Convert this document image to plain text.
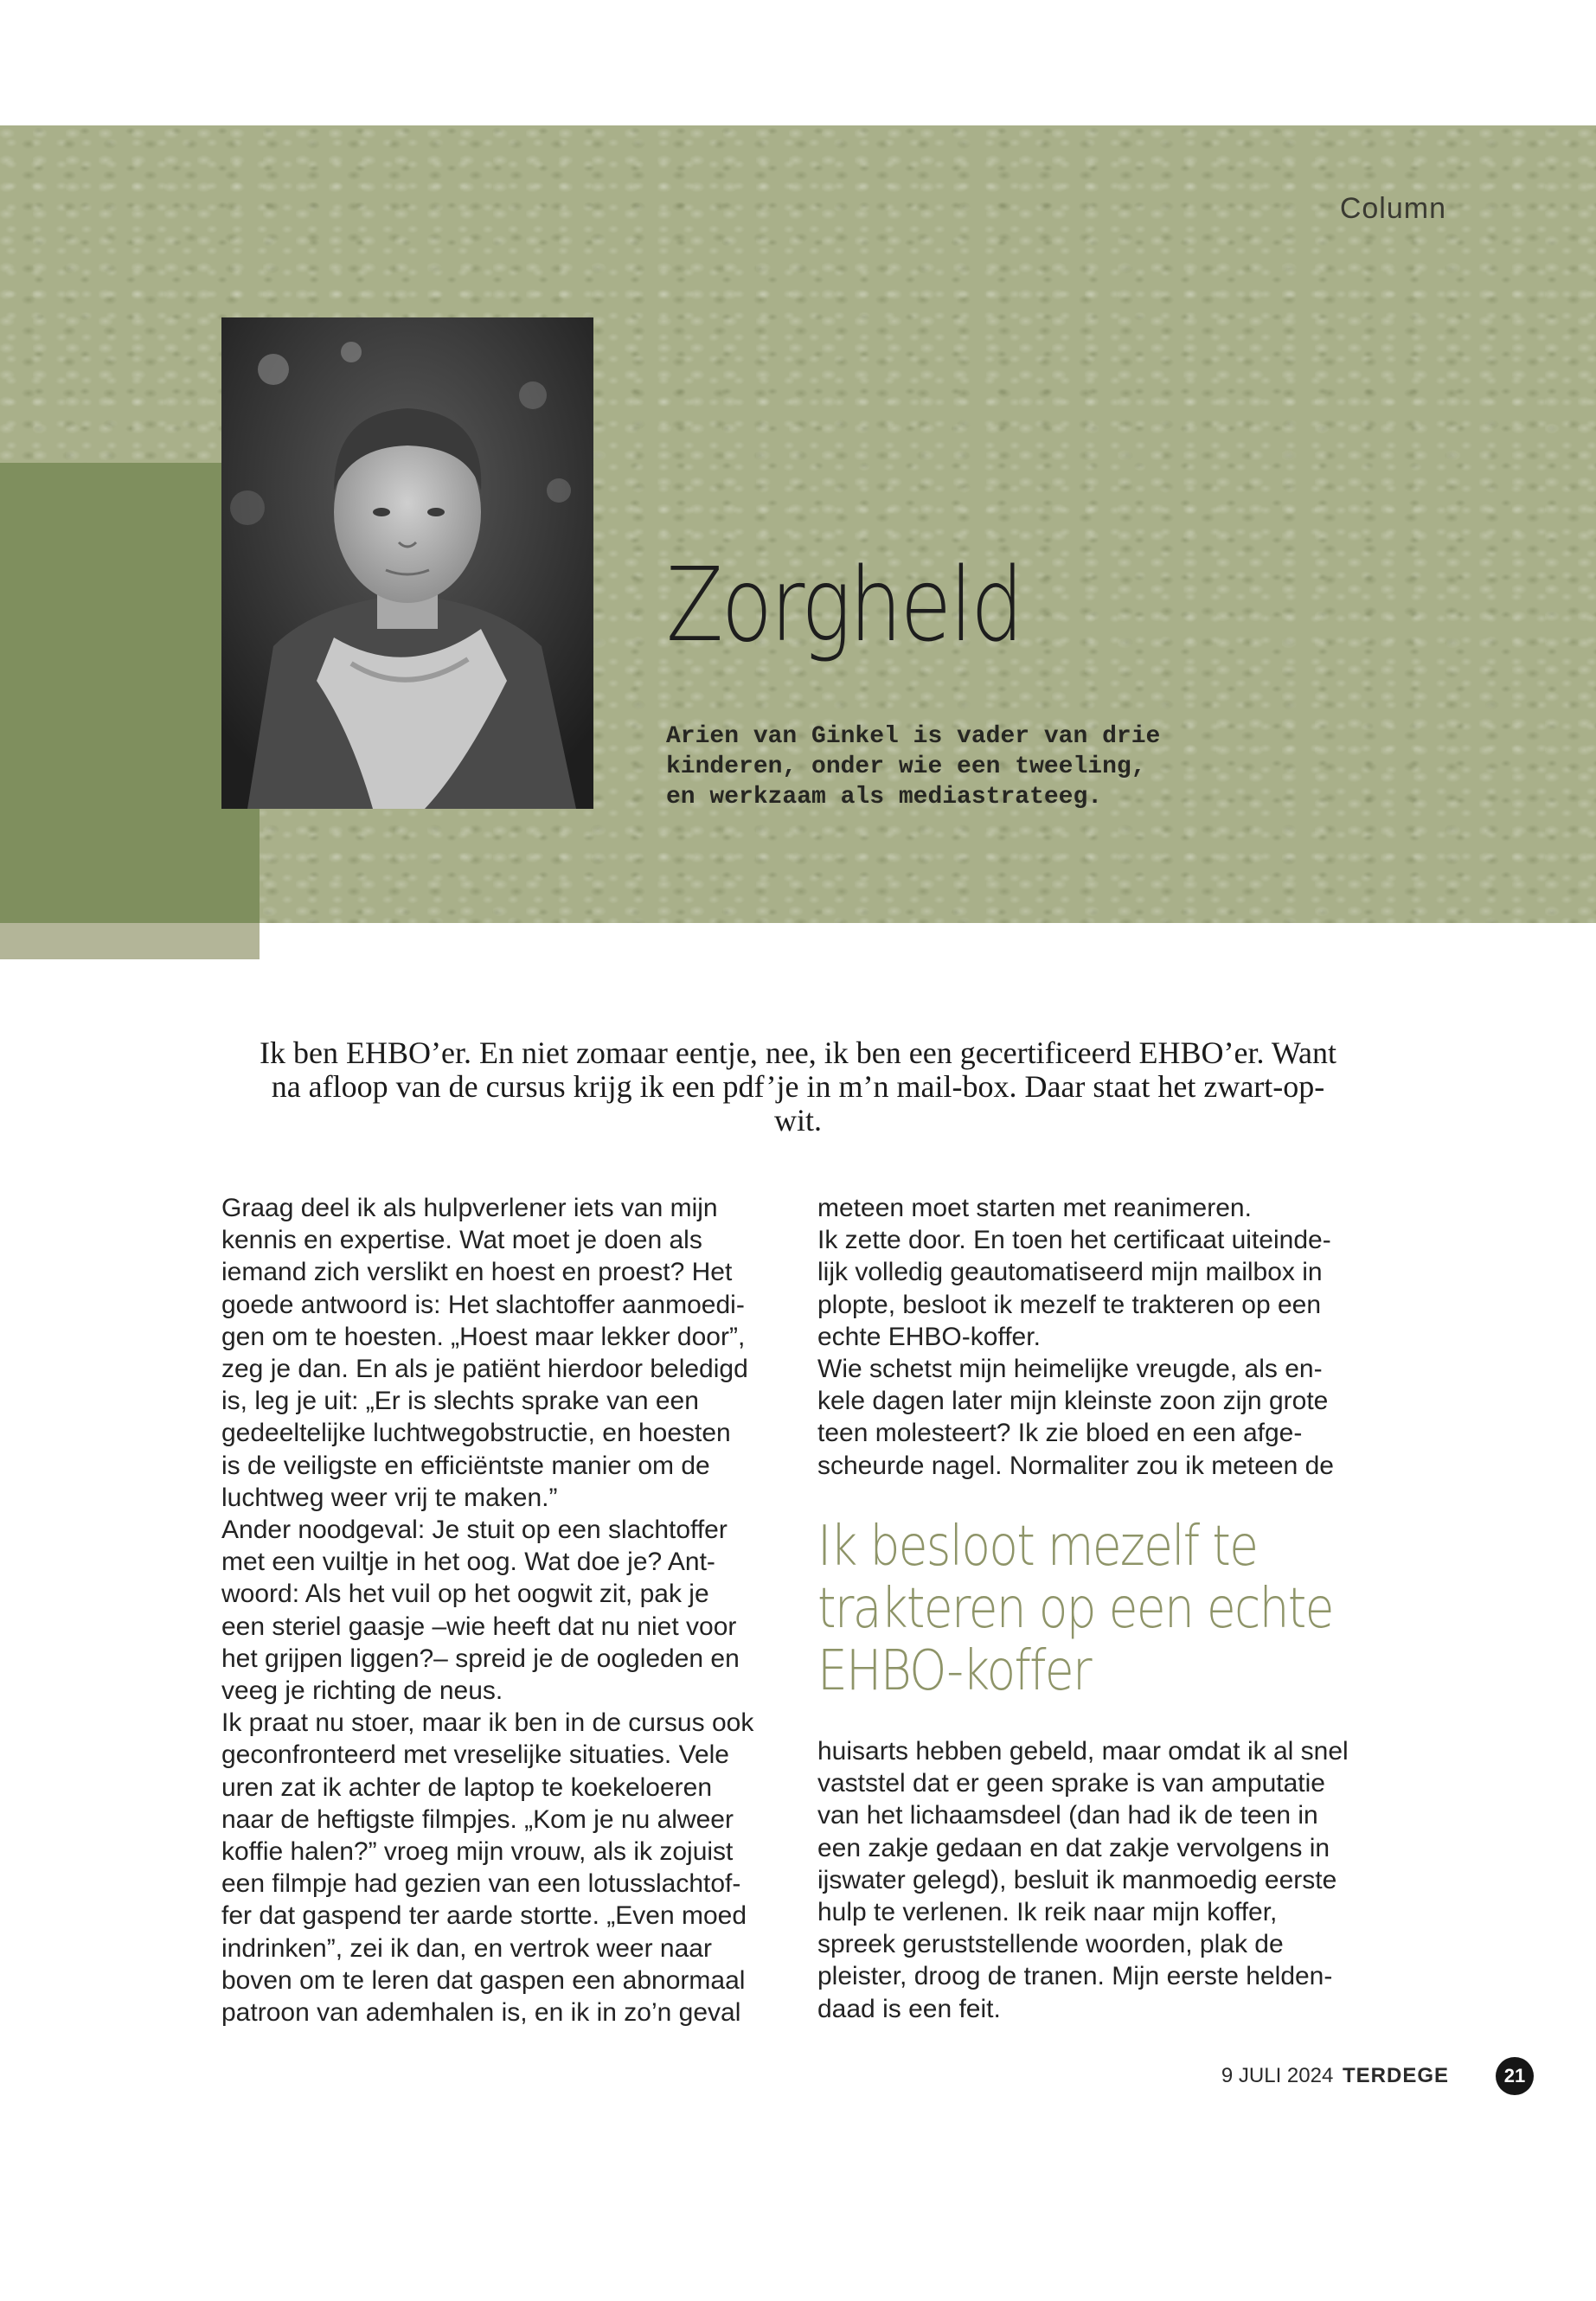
Column
Zorgheld
Arien van Ginkel is vader van drie
kinderen, onder wie een tweeling,
en werkzaam als mediastrateeg.
Ik ben EHBO’er. En niet zomaar eentje, nee, ik ben een gecertificeerd EHBO’er. Want na afloop van de cursus krijg ik een pdf’je in m’n mail-box. Daar staat het zwart-op-wit.

Graag deel ik als hulpverlener iets van mijn
kennis en expertise. Wat moet je doen als
iemand zich verslikt en hoest en proest? Het
goede antwoord is: Het slachtoffer aanmoedi-
gen om te hoesten. „Hoest maar lekker door”,
zeg je dan. En als je patiënt hierdoor beledigd
is, leg je uit: „Er is slechts sprake van een
gedeeltelijke luchtwegobstructie, en hoesten
is de veiligste en efficiëntste manier om de
luchtweg weer vrij te maken.”
Ander noodgeval: Je stuit op een slachtoffer
met een vuiltje in het oog. Wat doe je? Ant-
woord: Als het vuil op het oogwit zit, pak je
een steriel gaasje –wie heeft dat nu niet voor
het grijpen liggen?– spreid je de oogleden en
veeg je richting de neus.
Ik praat nu stoer, maar ik ben in de cursus ook
geconfronteerd met vreselijke situaties. Vele
uren zat ik achter de laptop te koekeloeren
naar de heftigste filmpjes. „Kom je nu alweer
koffie halen?” vroeg mijn vrouw, als ik zojuist
een filmpje had gezien van een lotusslachtof-
fer dat gaspend ter aarde stortte. „Even moed
indrinken”, zei ik dan, en vertrok weer naar
boven om te leren dat gaspen een abnormaal
patroon van ademhalen is, en ik in zo’n geval

meteen moet starten met reanimeren.
Ik zette door. En toen het certificaat uiteinde-
lijk volledig geautomatiseerd mijn mailbox in
plopte, besloot ik mezelf te trakteren op een
echte EHBO-koffer.
Wie schetst mijn heimelijke vreugde, als en-
kele dagen later mijn kleinste zoon zijn grote
teen molesteert? Ik zie bloed en een afge-
scheurde nagel. Normaliter zou ik meteen de

Ik besloot mezelf te
trakteren op een echte
EHBO-koffer

huisarts hebben gebeld, maar omdat ik al snel
vaststel dat er geen sprake is van amputatie
van het lichaamsdeel (dan had ik de teen in
een zakje gedaan en dat zakje vervolgens in
ijswater gelegd), besluit ik manmoedig eerste
hulp te verlenen. Ik reik naar mijn koffer,
spreek geruststellende woorden, plak de
pleister, droog de tranen. Mijn eerste helden-
daad is een feit.

9 JULI 2024 TERDEGE	21
